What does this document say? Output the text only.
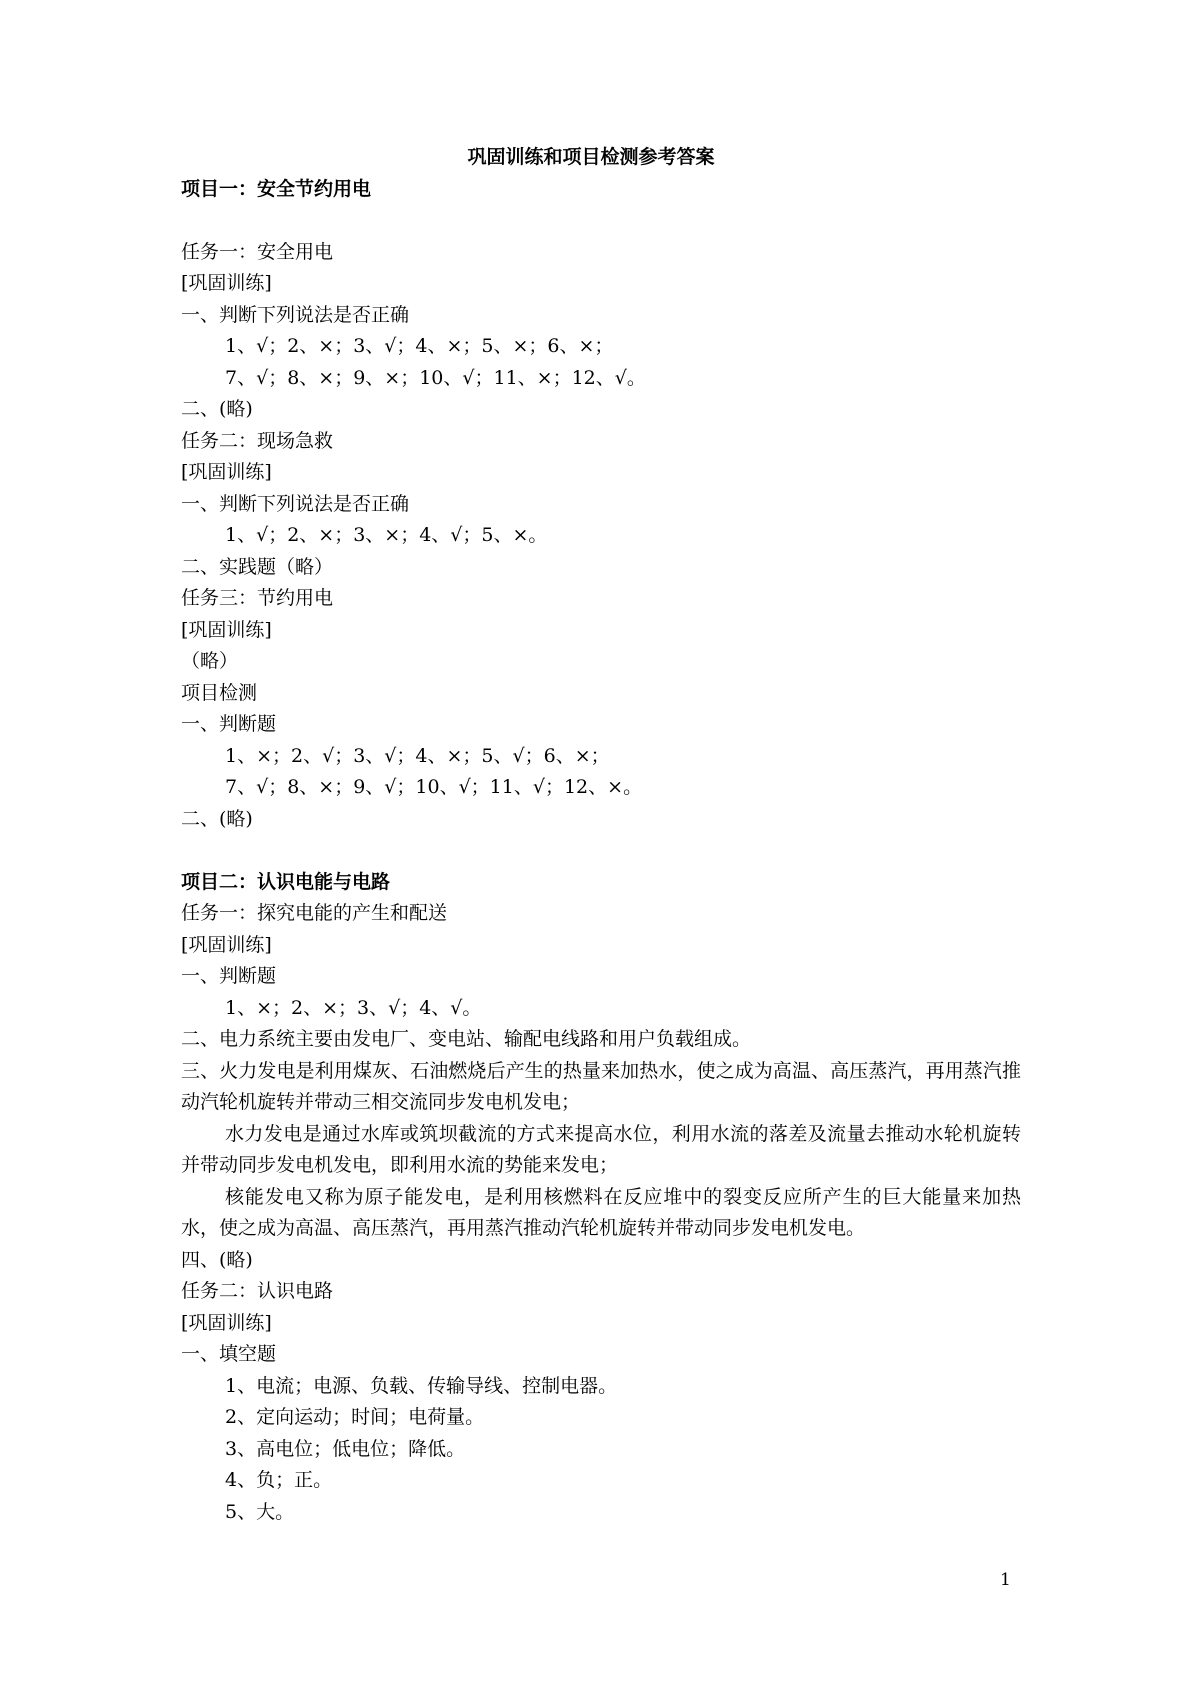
巩固训练和项目检测参考答案
项目一：安全节约用电
任务一：安全用电
[巩固训练]
一、判断下列说法是否正确
1、√；2、×；3、√；4、×；5、×；6、×；
7、√；8、×；9、×；10、√；11、×；12、√。
二、(略)
任务二：现场急救
[巩固训练]
一、判断下列说法是否正确
1、√；2、×；3、×；4、√；5、×。
二、实践题（略）
任务三：节约用电
[巩固训练]
（略）
项目检测
一、判断题
1、×；2、√；3、√；4、×；5、√；6、×；
7、√；8、×；9、√；10、√；11、√；12、×。
二、(略)
项目二：认识电能与电路
任务一：探究电能的产生和配送
[巩固训练]
一、判断题
1、×；2、×；3、√；4、√。
二、电力系统主要由发电厂、变电站、输配电线路和用户负载组成。
三、火力发电是利用煤灰、石油燃烧后产生的热量来加热水，使之成为高温、高压蒸汽，再用蒸汽推动汽轮机旋转并带动三相交流同步发电机发电；
水力发电是通过水库或筑坝截流的方式来提高水位，利用水流的落差及流量去推动水轮机旋转并带动同步发电机发电，即利用水流的势能来发电；
核能发电又称为原子能发电，是利用核燃料在反应堆中的裂变反应所产生的巨大能量来加热水，使之成为高温、高压蒸汽，再用蒸汽推动汽轮机旋转并带动同步发电机发电。
四、(略)
任务二：认识电路
[巩固训练]
一、填空题
1、电流；电源、负载、传输导线、控制电器。
2、定向运动；时间；电荷量。
3、高电位；低电位；降低。
4、负；正。
5、大。
1
